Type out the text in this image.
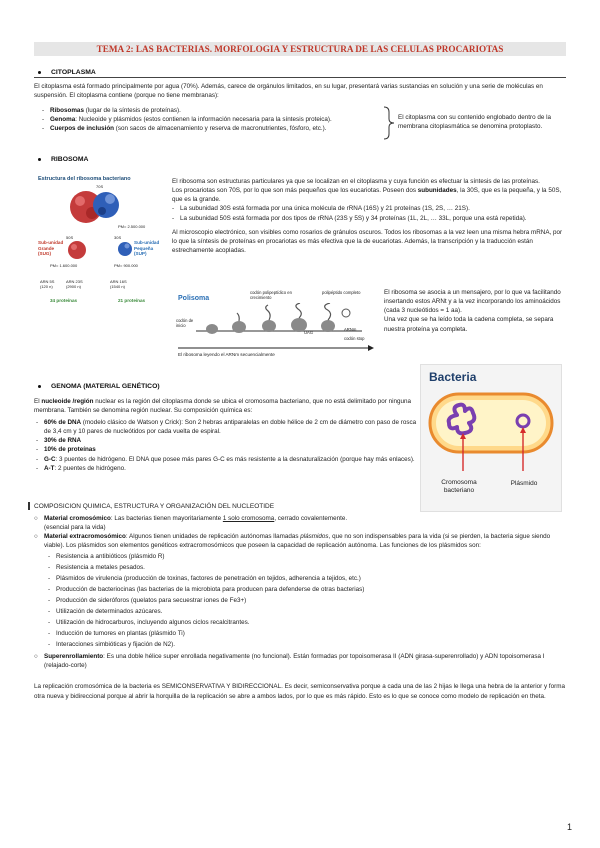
TEMA 2: LAS BACTERIAS. MORFOLOGIA Y ESTRUCTURA DE LAS CELULAS PROCARIOTAS
CITOPLASMA

El citoplasma está formado principalmente por agua (70%). Además, carece de orgánulos limitados, en su lugar, presentará varias sustancias en solución y una serie de moléculas en suspensión. El citoplasma contiene (porque no tiene membranas):

- Ribosomas (lugar de la síntesis de proteínas).
- Genoma: Nucleoide y plásmidos (estos contienen la información necesaria para la síntesis proteica).
- Cuerpos de inclusión (son sacos de almacenamiento y reserva de macronutrientes, fósforo, etc.).

El citoplasma con su contenido englobado dentro de la membrana citoplasmática se denomina protoplasto.

RIBOSOMA
Estructura del ribosoma bacteriano
70S
PM= 2.500.000
50S	30S
Sub-unidad Grande (SUG)
Sub-unidad Pequeña (SUP)
PM= 1.600.000	PM= 900.000
ARN 5S (120 n)
ARN 23S (2900 n)
ARN 16S (1540 n)
34 proteínas	21 proteínas

El ribosoma son estructuras particulares ya que se localizan en el citoplasma y cuya función es efectuar la síntesis de las proteínas.

Los procariotas son 70S, por lo que son más pequeños que los eucariotas. Poseen dos subunidades, la 30S, que es la pequeña, y la 50S, que es la grande.

- La subunidad 30S está formada por una única molécula de rRNA (16S) y 21 proteínas (1S, 2S, … 21S).
- La subunidad 50S está formada por dos tipos de rRNA (23S y 5S) y 34 proteínas (1L, 2L, … 33L, porque una está repetida).

Al microscopio electrónico, son visibles como rosarios de gránulos oscuros. Todos los ribosomas a la vez leen una misma hebra mRNA, por lo que la síntesis de proteínas en procariotas es más efectiva que la de eucariotas. Además, la transcripción y la traducción están estrechamente acopladas.

Polisoma
codón polipeptídico en crecimiento
polipéptido completo
codón de inicio
UAG
codón stop
ARNm
El ribosoma leyendo el ARNm secuencialmente

El ribosoma se asocia a un mensajero, por lo que va facilitando insertando estos ARNt y a la vez incorporando los aminoácidos (cada 3 nucleótidos = 1 aa).

Una vez que se ha leído toda la cadena completa, se separa nuestra proteína ya completa.

GENOMA (MATERIAL GENÉTICO)

El nucleoide /región nuclear es la región del citoplasma donde se ubica el cromosoma bacteriano, que no está delimitado por ninguna membrana. También se denomina región nuclear. Su composición química es:

- 60% de DNA (modelo clásico de Watson y Crick): Son 2 hebras antiparalelas en doble hélice de 2 cm de diámetro con paso de rosca de 3,4 cm y 10 pares de nucleótidos por cada vuelta de espiral.
- 30% de RNA
- 10% de proteínas
- G-C: 3 puentes de hidrógeno. El DNA que posee más pares G-C es más resistente a la desnaturalización (porque hay más enlaces).
- A-T: 2 puentes de hidrógeno.
Bacteria
Cromosoma bacteriano
Plásmido
COMPOSICION QUIMICA, ESTRUCTURA Y ORGANIZACIÓN DEL NUCLEOTIDE

○ Material cromosómico: Las bacterias tienen mayoritariamente 1 solo cromosoma, cerrado covalentemente.

(esencial para la vida)

○ Material extracromosómico: Algunos tienen unidades de replicación autónomas llamadas plásmidos, que no son indispensables para la vida (si se pierden, la bacteria sigue siendo viable). Los plásmidos son elementos genéticos extracromosómicos que poseen la capacidad de replicación autónoma. Las funciones de los plásmidos son:

- Resistencia a antibióticos (plásmido R)
- Resistencia a metales pesados.
- Plásmidos de virulencia (producción de toxinas, factores de penetración en tejidos, adherencia a tejidos, etc.)
- Producción de bacteriocinas (las bacterias de la microbiota para producen para defenderse de otras bacterias)
- Producción de sideróforos (quelatos para secuestrar iones de Fe3+)
- Utilización de determinados azúcares.
- Utilización de hidrocarburos, incluyendo algunos ciclos recalcitrantes.
- Inducción de tumores en plantas (plásmido Ti)
- Interacciones simbióticas y fijación de N2).

○ Superenrollamiento: Es una doble hélice super enrollada negativamente (no funcional). Están formadas por topoisomerasa II (ADN girasa-superenrollado) y ADN topoisomerasa I (relajado-corte)

La replicación cromosómica de la bacteria es SEMICONSERVATIVA Y BIDIRECCIONAL. Es decir, semiconservativa porque a cada una de las 2 hijas le llega una hebra de la anterior y forma otra nueva y bidireccional porque al abrir la horquilla de la replicación se abre a ambos lados, por lo que es más rápido. Esto es lo que se conoce como modelo de replicación en theta.

1
